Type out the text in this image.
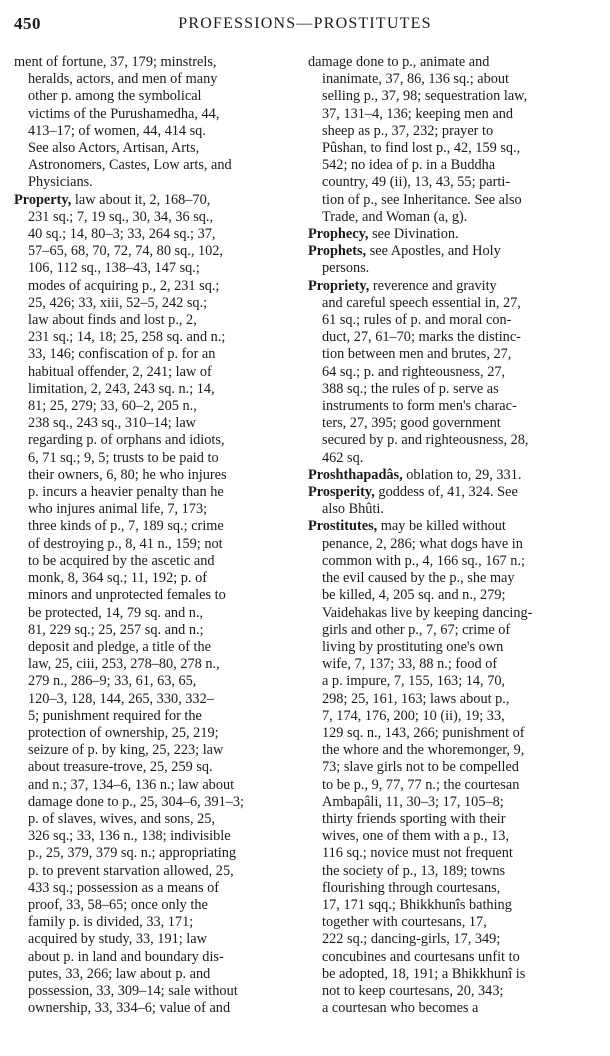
450	PROFESSIONS—PROSTITUTES

ment of fortune, 37, 179; minstrels,
heralds, actors, and men of many
other p. among the symbolical
victims of the Purushamedha, 44,
413–17; of women, 44, 414 sq.
See also Actors, Artisan, Arts,
Astronomers, Castes, Low arts, and
Physicians.

Property, law about it, 2, 168–70,
231 sq.; 7, 19 sq., 30, 34, 36 sq.,
40 sq.; 14, 80–3; 33, 264 sq.; 37,
57–65, 68, 70, 72, 74, 80 sq., 102,
106, 112 sq., 138–43, 147 sq.;
modes of acquiring p., 2, 231 sq.;
25, 426; 33, xiii, 52–5, 242 sq.;
law about finds and lost p., 2,
231 sq.; 14, 18; 25, 258 sq. and n.;
33, 146; confiscation of p. for an
habitual offender, 2, 241; law of
limitation, 2, 243, 243 sq. n.; 14,
81; 25, 279; 33, 60–2, 205 n.,
238 sq., 243 sq., 310–14; law
regarding p. of orphans and idiots,
6, 71 sq.; 9, 5; trusts to be paid to
their owners, 6, 80; he who injures
p. incurs a heavier penalty than he
who injures animal life, 7, 173;
three kinds of p., 7, 189 sq.; crime
of destroying p., 8, 41 n., 159; not
to be acquired by the ascetic and
monk, 8, 364 sq.; 11, 192; p. of
minors and unprotected females to
be protected, 14, 79 sq. and n.,
81, 229 sq.; 25, 257 sq. and n.;
deposit and pledge, a title of the
law, 25, ciii, 253, 278–80, 278 n.,
279 n., 286–9; 33, 61, 63, 65,
120–3, 128, 144, 265, 330, 332–
5; punishment required for the
protection of ownership, 25, 219;
seizure of p. by king, 25, 223; law
about treasure-trove, 25, 259 sq.
and n.; 37, 134–6, 136 n.; law about
damage done to p., 25, 304–6, 391–3;
p. of slaves, wives, and sons, 25,
326 sq.; 33, 136 n., 138; indivisible
p., 25, 379, 379 sq. n.; appropriating
p. to prevent starvation allowed, 25,
433 sq.; possession as a means of
proof, 33, 58–65; once only the
family p. is divided, 33, 171;
acquired by study, 33, 191; law
about p. in land and boundary dis-
putes, 33, 266; law about p. and
possession, 33, 309–14; sale without
ownership, 33, 334–6; value of and

damage done to p., animate and
inanimate, 37, 86, 136 sq.; about
selling p., 37, 98; sequestration law,
37, 131–4, 136; keeping men and
sheep as p., 37, 232; prayer to
Pûshan, to find lost p., 42, 159 sq.,
542; no idea of p. in a Buddha
country, 49 (ii), 13, 43, 55; parti-
tion of p., see Inheritance. See also
Trade, and Woman (a, g).

Prophecy, see Divination.

Prophets, see Apostles, and Holy
persons.

Propriety, reverence and gravity
and careful speech essential in, 27,
61 sq.; rules of p. and moral con-
duct, 27, 61–70; marks the distinc-
tion between men and brutes, 27,
64 sq.; p. and righteousness, 27,
388 sq.; the rules of p. serve as
instruments to form men's charac-
ters, 27, 395; good government
secured by p. and righteousness, 28,
462 sq.

Proshthapadâs, oblation to, 29, 331.

Prosperity, goddess of, 41, 324. See
also Bhûti.

Prostitutes, may be killed without
penance, 2, 286; what dogs have in
common with p., 4, 166 sq., 167 n.;
the evil caused by the p., she may
be killed, 4, 205 sq. and n., 279;
Vaidehakas live by keeping dancing-
girls and other p., 7, 67; crime of
living by prostituting one's own
wife, 7, 137; 33, 88 n.; food of
a p. impure, 7, 155, 163; 14, 70,
298; 25, 161, 163; laws about p.,
7, 174, 176, 200; 10 (ii), 19; 33,
129 sq. n., 143, 266; punishment of
the whore and the whoremonger, 9,
73; slave girls not to be compelled
to be p., 9, 77, 77 n.; the courtesan
Ambapâli, 11, 30–3; 17, 105–8;
thirty friends sporting with their
wives, one of them with a p., 13,
116 sq.; novice must not frequent
the society of p., 13, 189; towns
flourishing through courtesans,
17, 171 sqq.; Bhikkhunîs bathing
together with courtesans, 17,
222 sq.; dancing-girls, 17, 349;
concubines and courtesans unfit to
be adopted, 18, 191; a Bhikkhunî is
not to keep courtesans, 20, 343;
a courtesan who becomes a
